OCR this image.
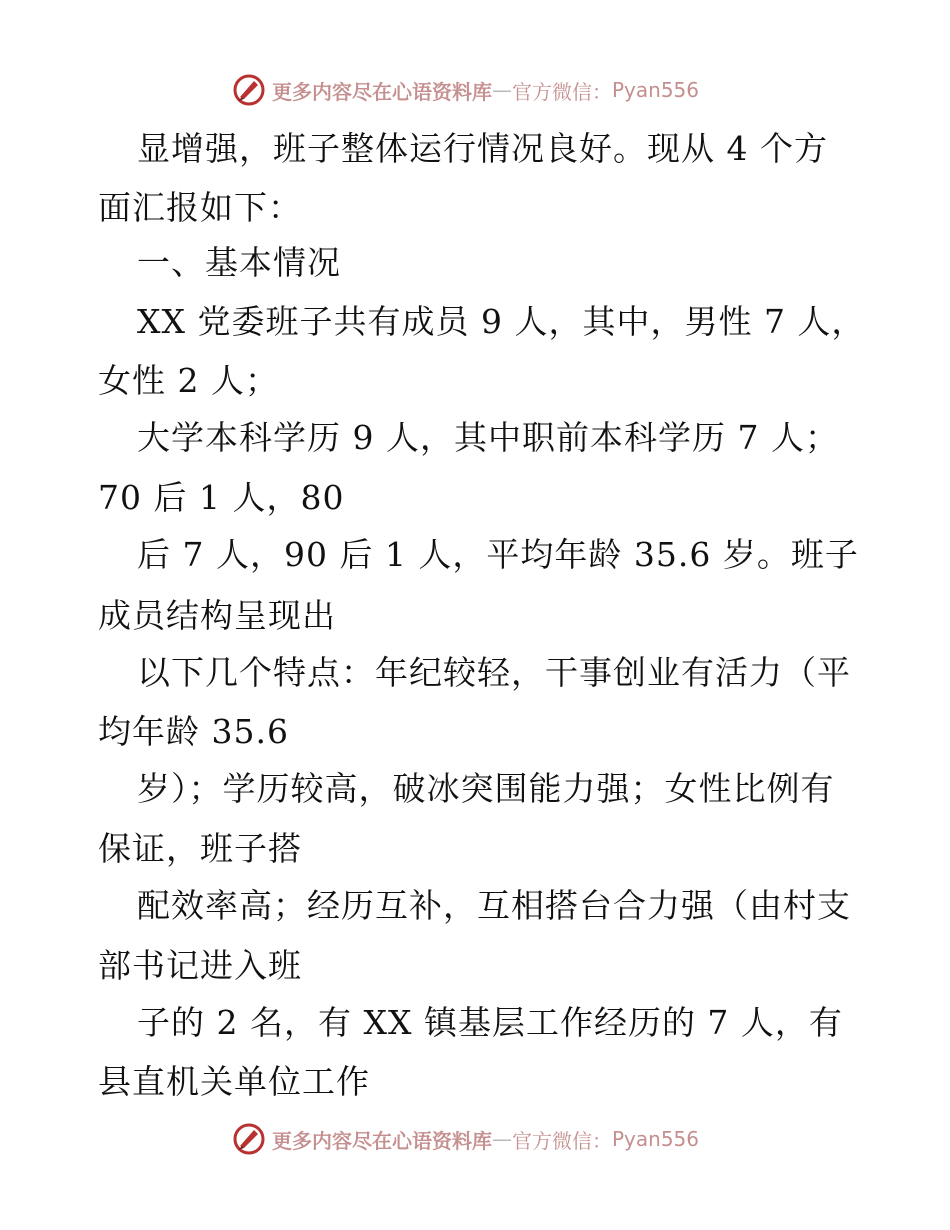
更多内容尽在心语资料库 — 官方微信： Pyan556
显增强，班子整体运行情况良好。现从 4 个方
面汇报如下：
一、基本情况
XX 党委班子共有成员 9 人，其中，男性 7 人，
女性 2 人；
大学本科学历 9 人，其中职前本科学历 7 人；
70 后 1 人，80
后 7 人，90 后 1 人，平均年龄 35.6 岁。班子
成员结构呈现出
以下几个特点：年纪较轻，干事创业有活力（平
均年龄 35.6
岁）；学历较高，破冰突围能力强；女性比例有
保证，班子搭
配效率高；经历互补，互相搭台合力强（由村支
部书记进入班
子的 2 名，有 XX 镇基层工作经历的 7 人，有
县直机关单位工作
更多内容尽在心语资料库 — 官方微信： Pyan556
